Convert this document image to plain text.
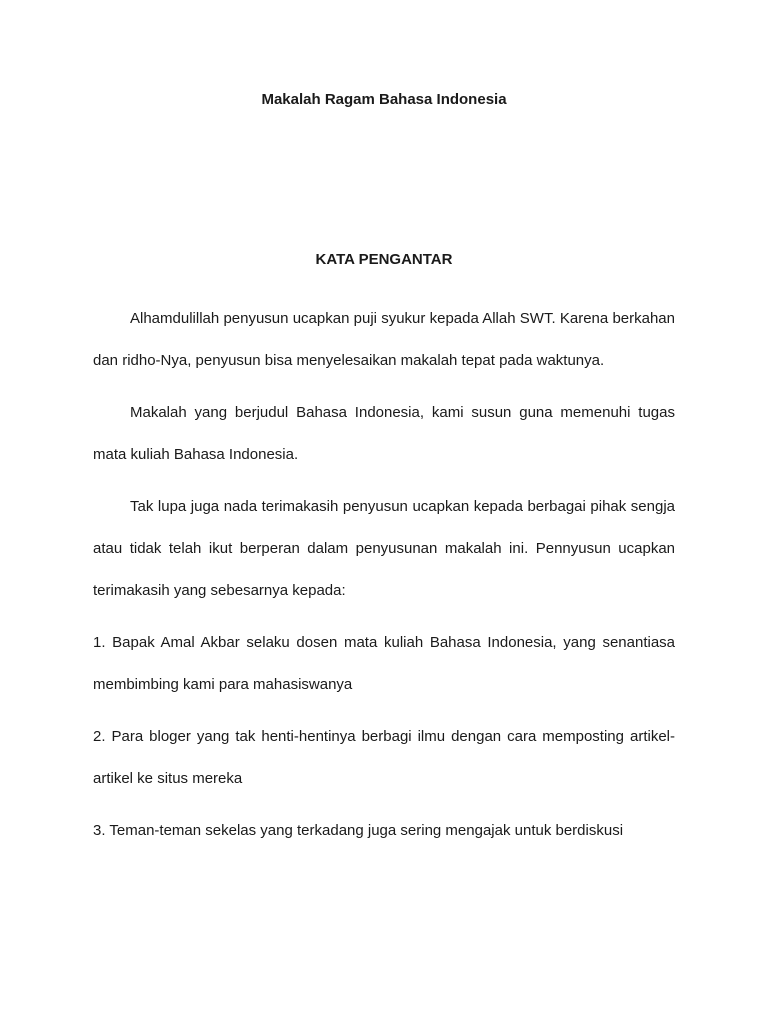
Makalah Ragam Bahasa Indonesia
KATA PENGANTAR

Alhamdulillah penyusun ucapkan puji syukur kepada Allah SWT. Karena berkahan dan ridho-Nya, penyusun bisa menyelesaikan makalah tepat pada waktunya.

Makalah yang berjudul Bahasa Indonesia, kami susun guna memenuhi tugas mata kuliah Bahasa Indonesia.

Tak lupa juga nada terimakasih penyusun ucapkan kepada berbagai pihak sengja atau tidak telah ikut berperan dalam penyusunan makalah ini. Pennyusun ucapkan terimakasih yang sebesarnya kepada:

1. Bapak Amal Akbar selaku dosen mata kuliah Bahasa Indonesia, yang senantiasa membimbing kami para mahasiswanya

2. Para bloger yang tak henti-hentinya berbagi ilmu dengan cara memposting artikel-artikel ke situs mereka

3. Teman-teman sekelas yang terkadang juga sering mengajak untuk berdiskusi
